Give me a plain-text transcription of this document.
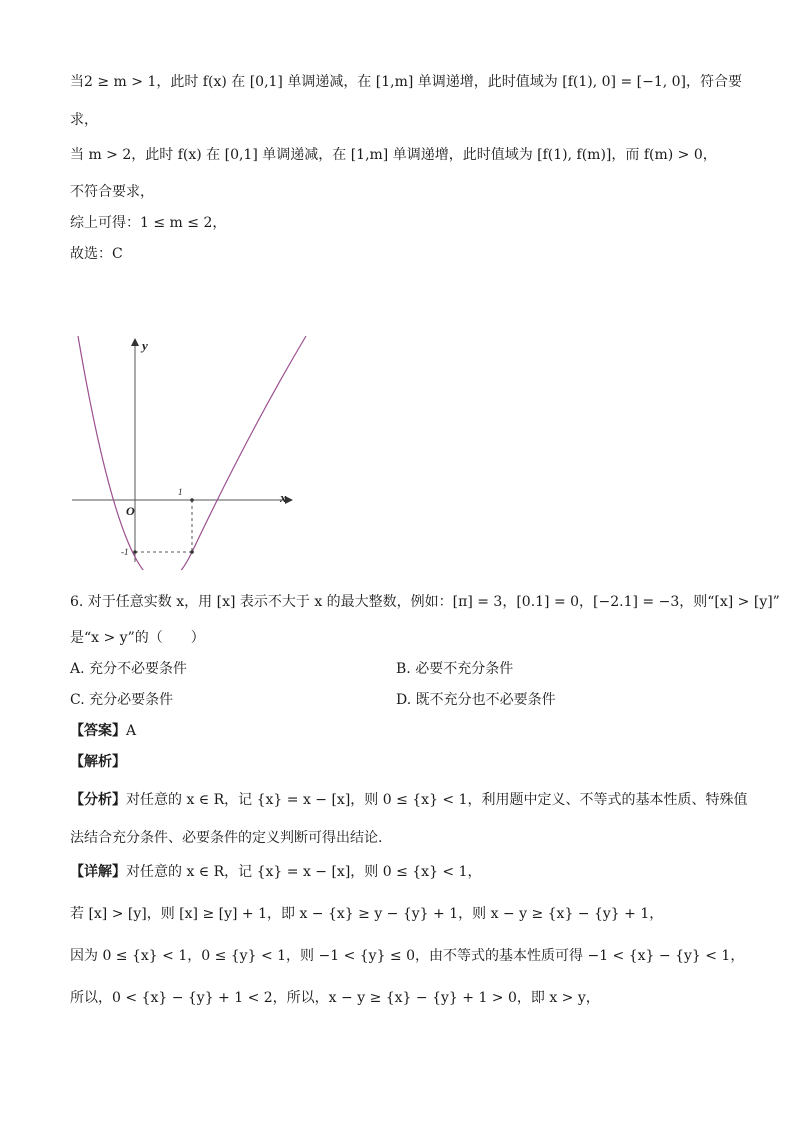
当2 ≥ m > 1，此时 f(x) 在 [0,1] 单调递减，在 [1,m] 单调递增，此时值域为 [f(1), 0] = [−1, 0]，符合要
求，
当 m > 2，此时 f(x) 在 [0,1] 单调递减，在 [1,m] 单调递增，此时值域为 [f(1), f(m)]，而 f(m) > 0，
不符合要求，
综上可得：1 ≤ m ≤ 2，
故选：C
y
x
O
1
-1
6. 对于任意实数 x，用 [x] 表示不大于 x 的最大整数，例如：[π] = 3，[0.1] = 0，[−2.1] = −3，则“[x] > [y]”
是“x > y”的（　　）
A. 充分不必要条件	B. 必要不充分条件
C. 充分必要条件	D. 既不充分也不必要条件
【答案】A
【解析】
【分析】对任意的 x ∈ R，记 {x} = x − [x]，则 0 ≤ {x} < 1，利用题中定义、不等式的基本性质、特殊值
法结合充分条件、必要条件的定义判断可得出结论.
【详解】对任意的 x ∈ R，记 {x} = x − [x]，则 0 ≤ {x} < 1，
若 [x] > [y]，则 [x] ≥ [y] + 1，即 x − {x} ≥ y − {y} + 1，则 x − y ≥ {x} − {y} + 1，
因为 0 ≤ {x} < 1，0 ≤ {y} < 1，则 −1 < {y} ≤ 0，由不等式的基本性质可得 −1 < {x} − {y} < 1，
所以，0 < {x} − {y} + 1 < 2，所以，x − y ≥ {x} − {y} + 1 > 0，即 x > y，
